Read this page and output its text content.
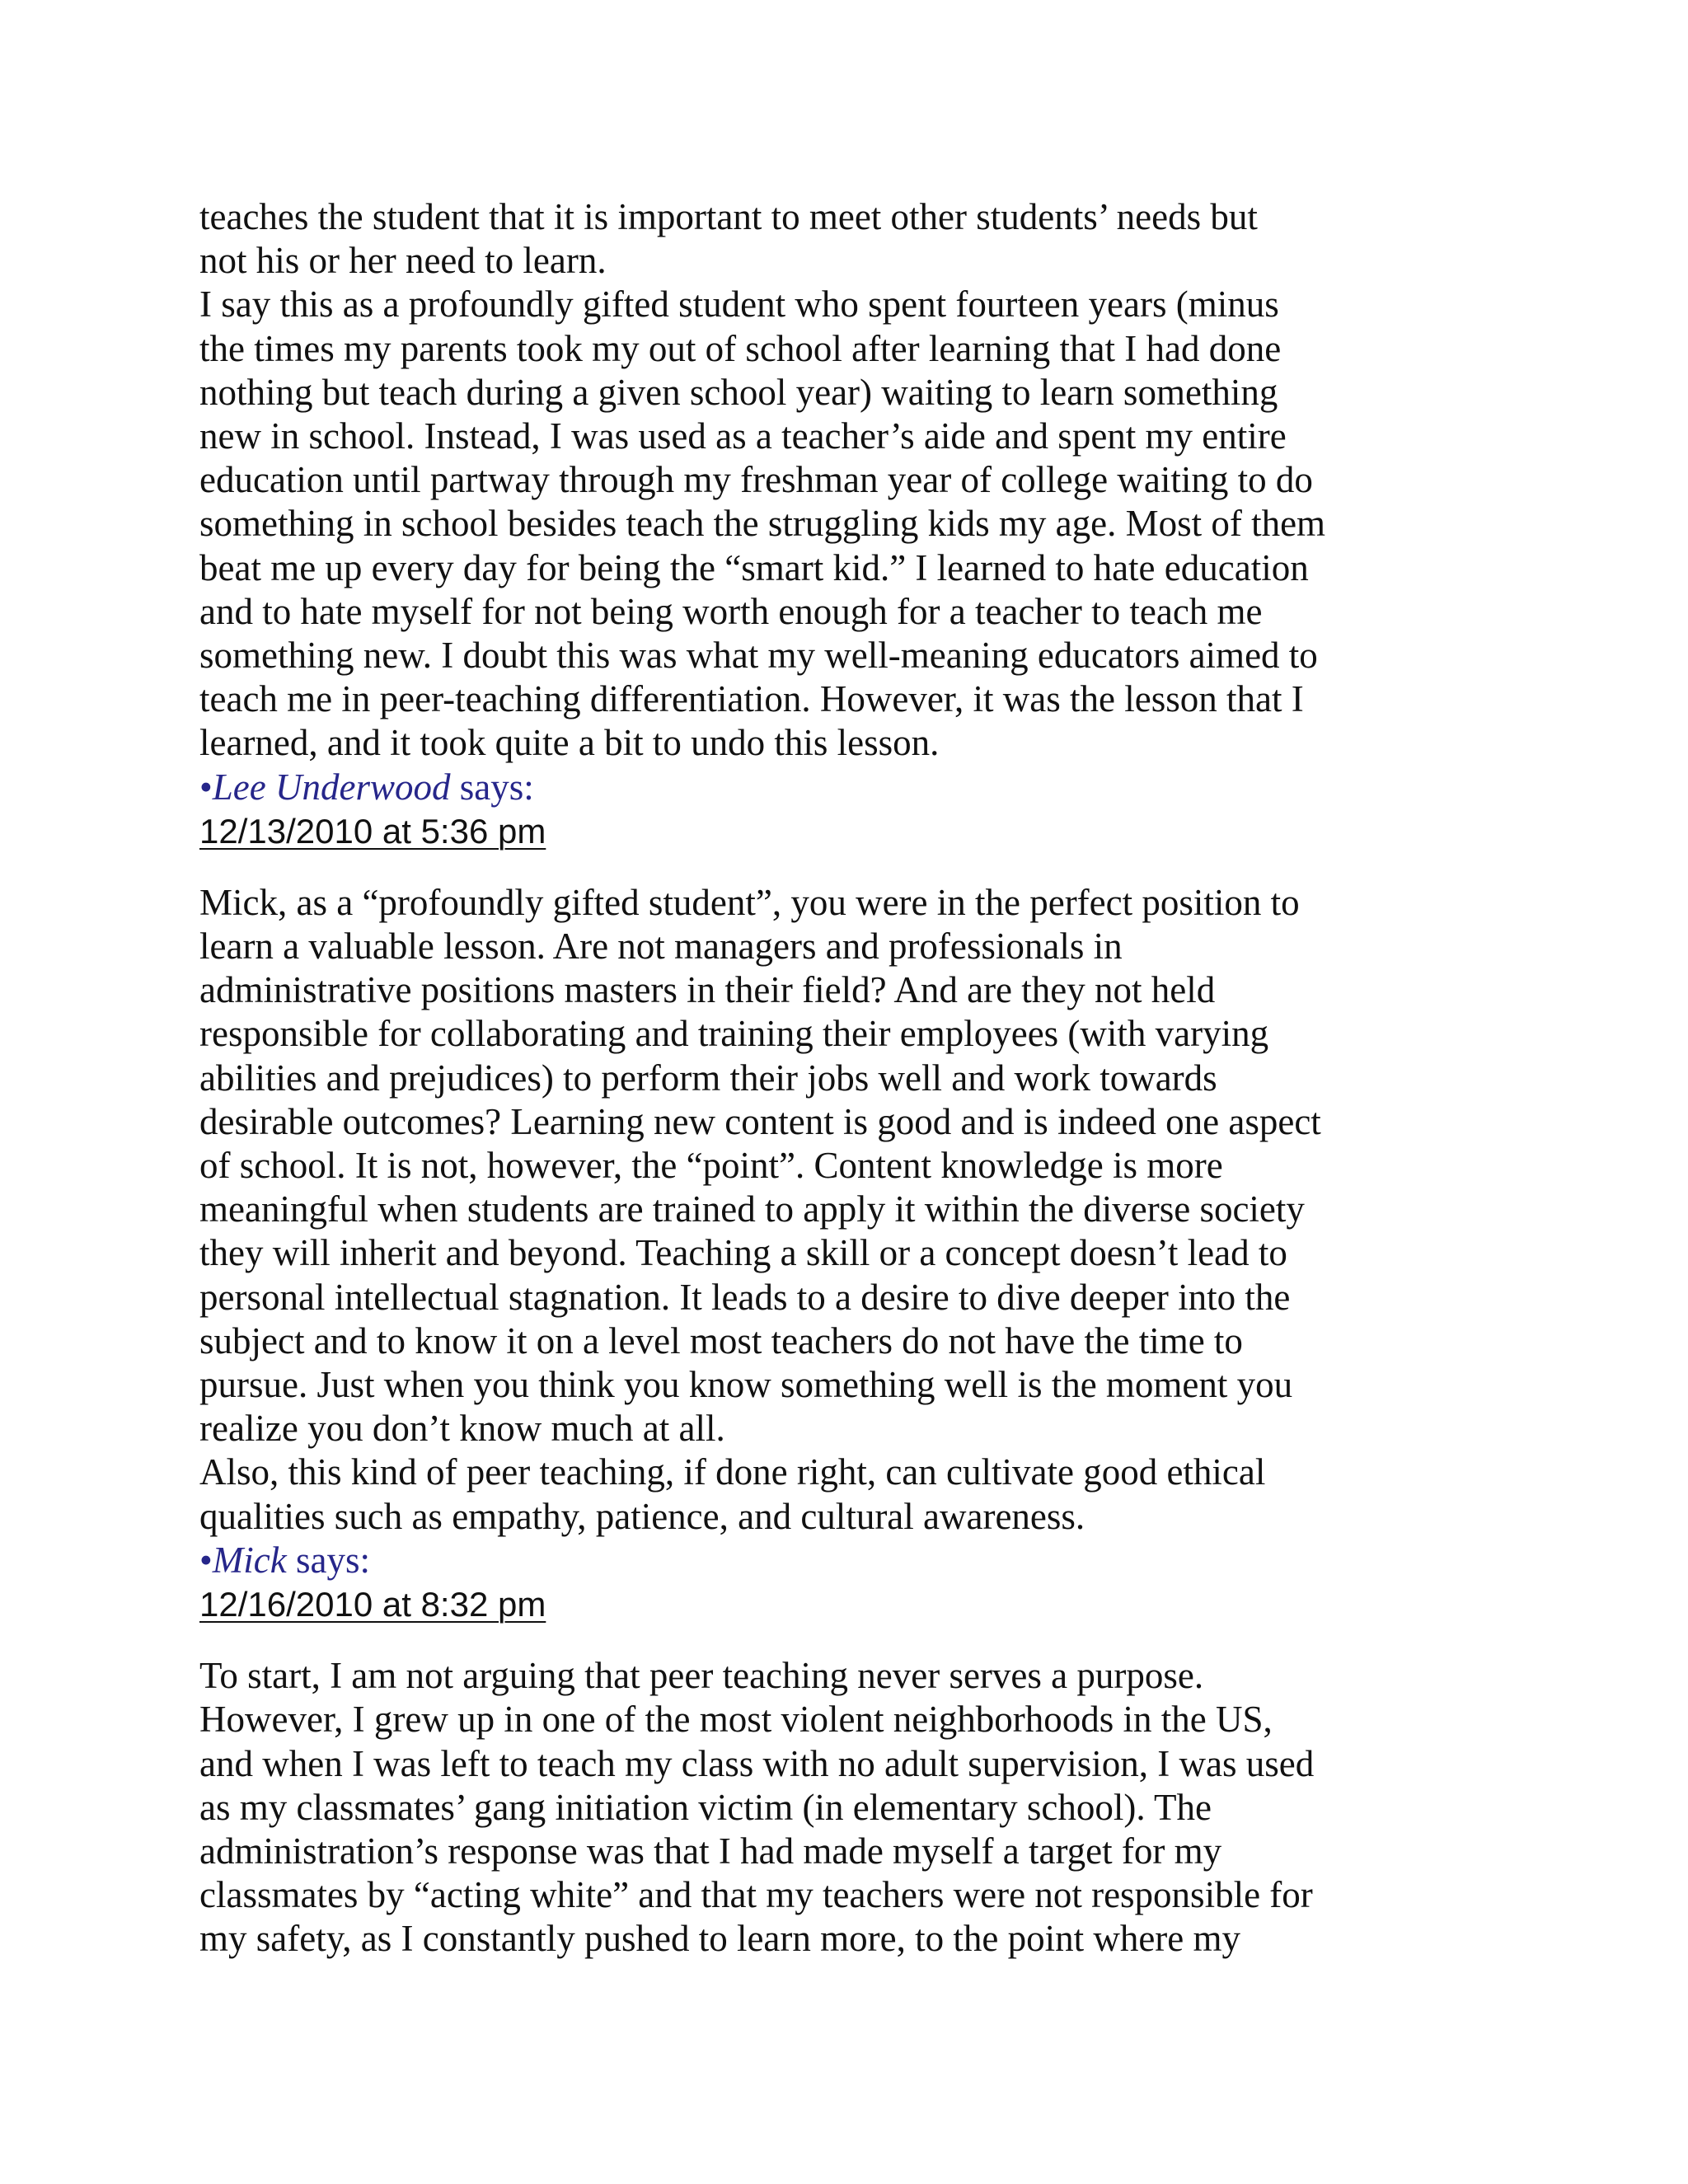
teaches the student that it is important to meet other students’ needs but
not his or her need to learn.
I say this as a profoundly gifted student who spent fourteen years (minus
the times my parents took my out of school after learning that I had done
nothing but teach during a given school year) waiting to learn something
new in school. Instead, I was used as a teacher’s aide and spent my entire
education until partway through my freshman year of college waiting to do
something in school besides teach the struggling kids my age. Most of them
beat me up every day for being the “smart kid.” I learned to hate education
and to hate myself for not being worth enough for a teacher to teach me
something new. I doubt this was what my well-meaning educators aimed to
teach me in peer-teaching differentiation. However, it was the lesson that I
learned, and it took quite a bit to undo this lesson.
•Lee Underwood says:
12/13/2010 at 5:36 pm
Mick, as a “profoundly gifted student”, you were in the perfect position to
learn a valuable lesson. Are not managers and professionals in
administrative positions masters in their field? And are they not held
responsible for collaborating and training their employees (with varying
abilities and prejudices) to perform their jobs well and work towards
desirable outcomes? Learning new content is good and is indeed one aspect
of school. It is not, however, the “point”. Content knowledge is more
meaningful when students are trained to apply it within the diverse society
they will inherit and beyond. Teaching a skill or a concept doesn’t lead to
personal intellectual stagnation. It leads to a desire to dive deeper into the
subject and to know it on a level most teachers do not have the time to
pursue. Just when you think you know something well is the moment you
realize you don’t know much at all.
Also, this kind of peer teaching, if done right, can cultivate good ethical
qualities such as empathy, patience, and cultural awareness.
•Mick says:
12/16/2010 at 8:32 pm
To start, I am not arguing that peer teaching never serves a purpose.
However, I grew up in one of the most violent neighborhoods in the US,
and when I was left to teach my class with no adult supervision, I was used
as my classmates’ gang initiation victim (in elementary school). The
administration’s response was that I had made myself a target for my
classmates by “acting white” and that my teachers were not responsible for
my safety, as I constantly pushed to learn more, to the point where my
